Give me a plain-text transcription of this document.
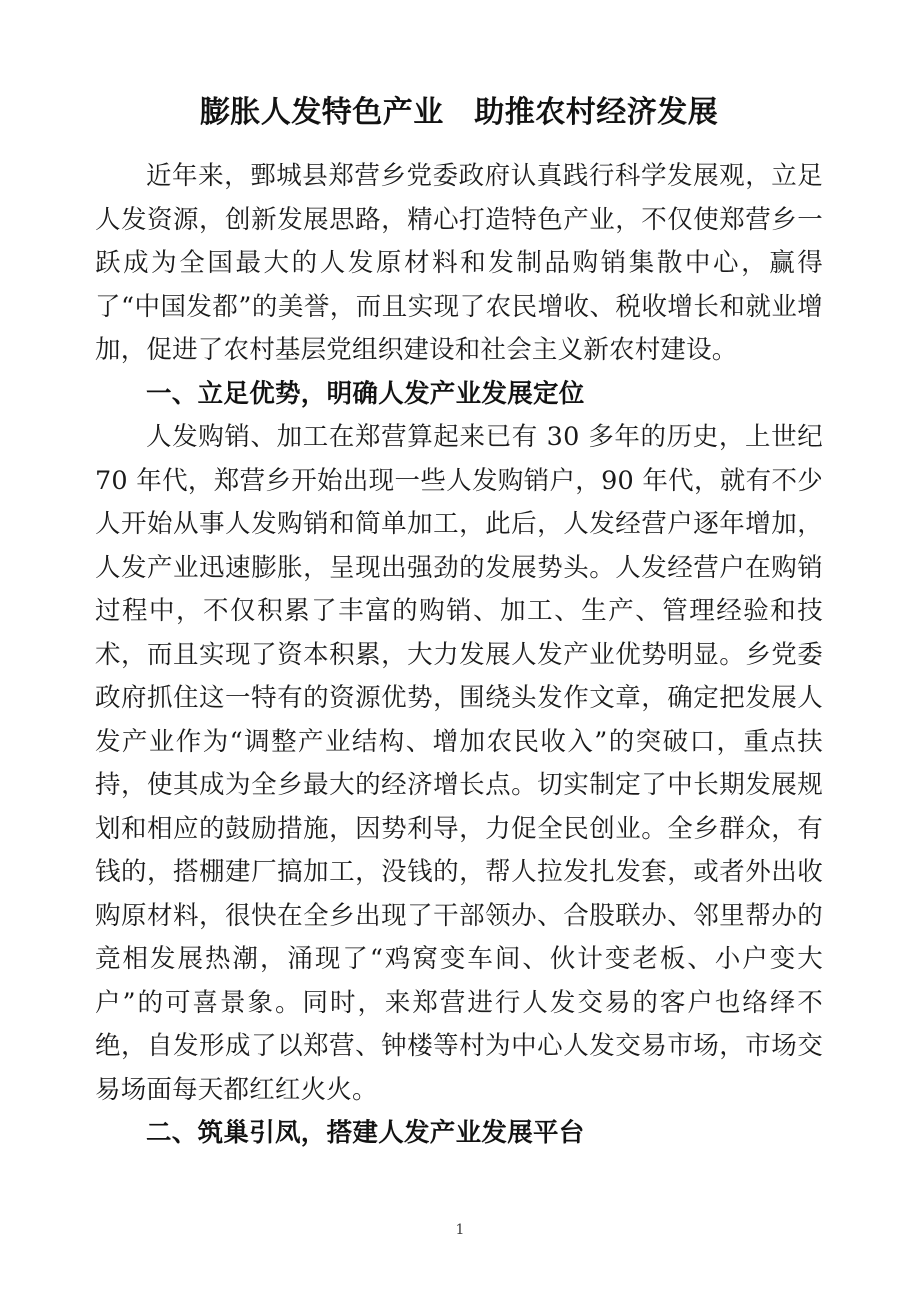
膨胀人发特色产业　助推农村经济发展

近年来，鄄城县郑营乡党委政府认真践行科学发展观，立足人发资源，创新发展思路，精心打造特色产业，不仅使郑营乡一跃成为全国最大的人发原材料和发制品购销集散中心，赢得了“中国发都”的美誉，而且实现了农民增收、税收增长和就业增加，促进了农村基层党组织建设和社会主义新农村建设。

一、立足优势，明确人发产业发展定位

人发购销、加工在郑营算起来已有 30 多年的历史，上世纪 70 年代，郑营乡开始出现一些人发购销户，90 年代，就有不少人开始从事人发购销和简单加工，此后，人发经营户逐年增加，人发产业迅速膨胀，呈现出强劲的发展势头。人发经营户在购销过程中，不仅积累了丰富的购销、加工、生产、管理经验和技术，而且实现了资本积累，大力发展人发产业优势明显。乡党委政府抓住这一特有的资源优势，围绕头发作文章，确定把发展人发产业作为“调整产业结构、增加农民收入”的突破口，重点扶持，使其成为全乡最大的经济增长点。切实制定了中长期发展规划和相应的鼓励措施，因势利导，力促全民创业。全乡群众，有钱的，搭棚建厂搞加工，没钱的，帮人拉发扎发套，或者外出收购原材料，很快在全乡出现了干部领办、合股联办、邻里帮办的竞相发展热潮，涌现了“鸡窝变车间、伙计变老板、小户变大户”的可喜景象。同时，来郑营进行人发交易的客户也络绎不绝，自发形成了以郑营、钟楼等村为中心人发交易市场，市场交易场面每天都红红火火。

二、筑巢引凤，搭建人发产业发展平台

1
